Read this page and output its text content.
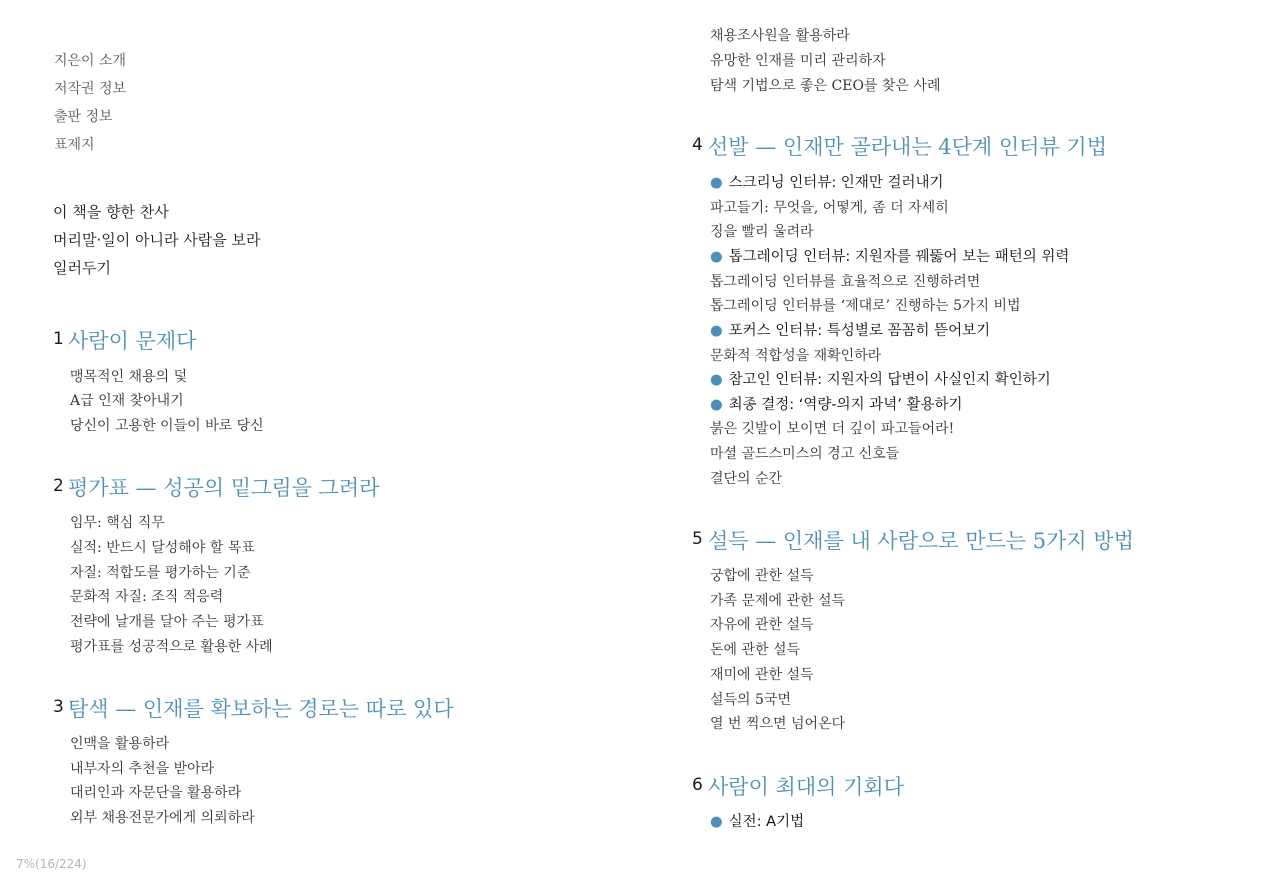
지은이 소개
저작권 정보
출판 정보
표제지
이 책을 향한 찬사
머리말·일이 아니라 사람을 보라
일러두기
1 사람이 문제다
맹목적인 채용의 덫
A급 인재 찾아내기
당신이 고용한 이들이 바로 당신
2 평가표 — 성공의 밑그림을 그려라
임무: 핵심 직무
실적: 반드시 달성해야 할 목표
자질: 적합도를 평가하는 기준
문화적 자질: 조직 적응력
전략에 날개를 달아 주는 평가표
평가표를 성공적으로 활용한 사례
3 탐색 — 인재를 확보하는 경로는 따로 있다
인맥을 활용하라
내부자의 추천을 받아라
대리인과 자문단을 활용하라
외부 채용전문가에게 의뢰하라
7%(16/224)
채용조사원을 활용하라
유망한 인재를 미리 관리하자
탐색 기법으로 좋은 CEO를 찾은 사례
4 선발 — 인재만 골라내는 4단계 인터뷰 기법
● 스크리닝 인터뷰: 인재만 걸러내기
파고들기: 무엇을, 어떻게, 좀 더 자세히
징을 빨리 울려라
● 톱그레이딩 인터뷰: 지원자를 꿰뚫어 보는 패턴의 위력
톱그레이딩 인터뷰를 효율적으로 진행하려면
톱그레이딩 인터뷰를 ‘제대로’ 진행하는 5가지 비법
● 포커스 인터뷰: 특성별로 꼼꼼히 뜯어보기
문화적 적합성을 재확인하라
● 참고인 인터뷰: 지원자의 답변이 사실인지 확인하기
● 최종 결정: ‘역량-의지 과녁’ 활용하기
붉은 깃발이 보이면 더 깊이 파고들어라!
마셜 골드스미스의 경고 신호들
결단의 순간
5 설득 — 인재를 내 사람으로 만드는 5가지 방법
궁합에 관한 설득
가족 문제에 관한 설득
자유에 관한 설득
돈에 관한 설득
재미에 관한 설득
설득의 5국면
열 번 찍으면 넘어온다
6 사람이 최대의 기회다
● 실전: A기법
